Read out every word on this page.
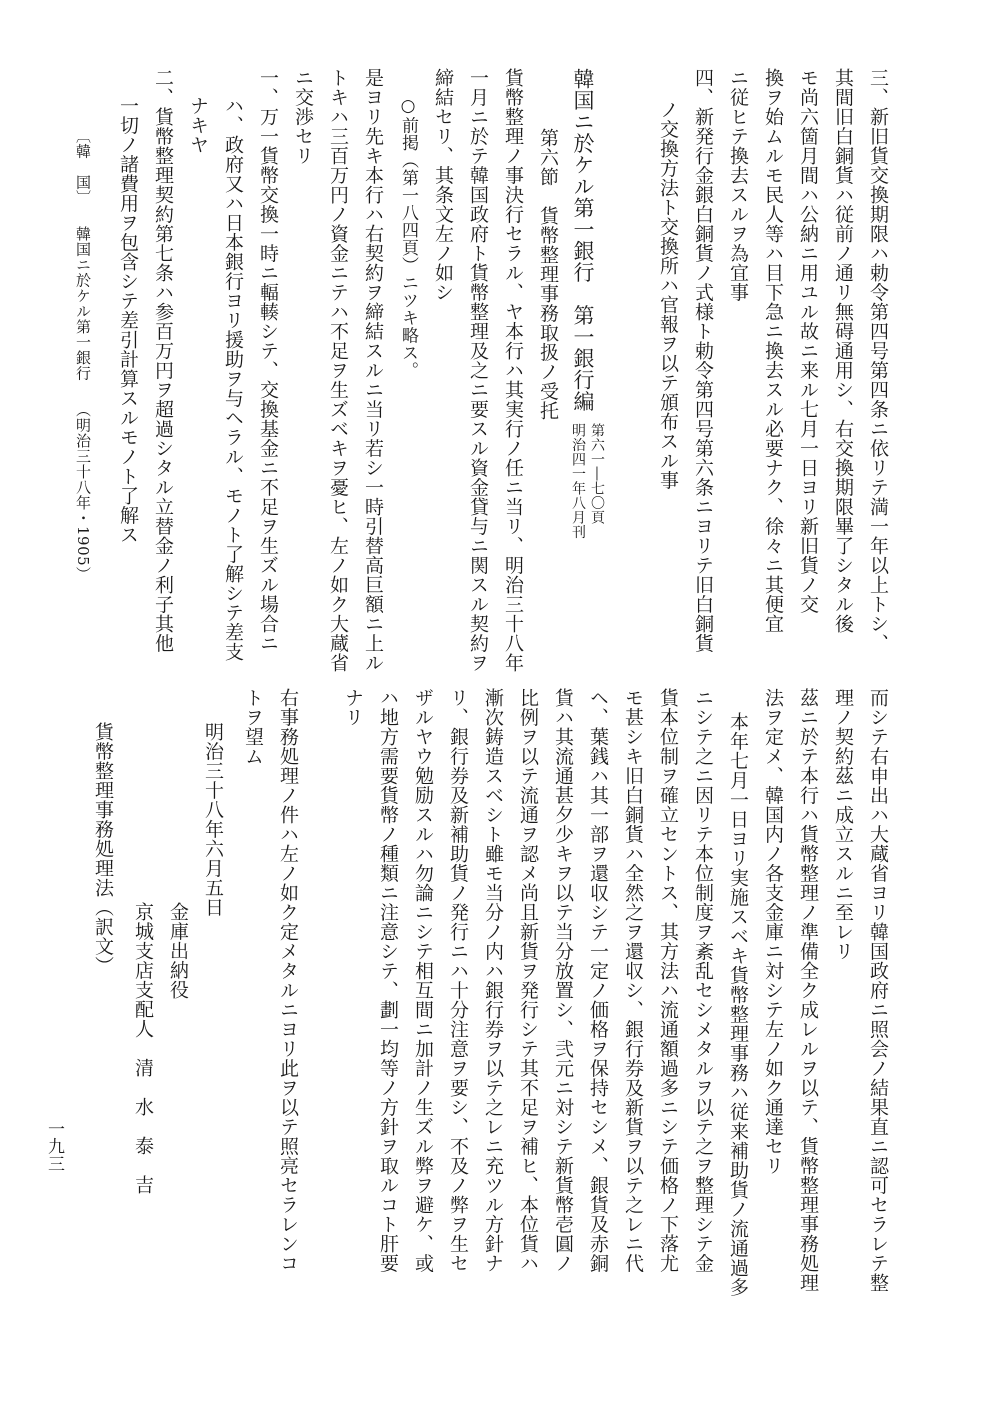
三、新旧貨交換期限ハ勅令第四号第四条ニ依リテ満一年以上トシ、
其間旧白銅貨ハ従前ノ通リ無碍通用シ、右交換期限畢了シタル後
モ尚六箇月間ハ公納ニ用ユル故ニ来ル七月一日ヨリ新旧貨ノ交
換ヲ始ムルモ民人等ハ目下急ニ換去スル必要ナク、徐々ニ其便宜
ニ従ヒテ換去スルヲ為宜事
四、新発行金銀白銅貨ノ式様ト勅令第四号第六条ニヨリテ旧白銅貨
ノ交換方法ト交換所ハ官報ヲ以テ頒布スル事
韓国ニ於ケル第一銀行　第一銀行編
第六一―七〇頁
明治四一年八月刊
第六節　貨幣整理事務取扱ノ受托
貨幣整理ノ事決行セラル、ヤ本行ハ其実行ノ任ニ当リ、明治三十八年
一月ニ於テ韓国政府ト貨幣整理及之ニ要スル資金貸与ニ関スル契約ヲ
締結セリ、其条文左ノ如シ
○前掲（第一八四頁）ニツキ略ス。
是ヨリ先キ本行ハ右契約ヲ締結スルニ当リ若シ一時引替高巨額ニ上ル
トキハ三百万円ノ資金ニテハ不足ヲ生ズベキヲ憂ヒ、左ノ如ク大蔵省
ニ交渉セリ
一、万一貨幣交換一時ニ輻輳シテ、交換基金ニ不足ヲ生ズル場合ニ
ハ、政府又ハ日本銀行ヨリ援助ヲ与ヘラル、モノト了解シテ差支
ナキヤ
二、貨幣整理契約第七条ハ参百万円ヲ超過シタル立替金ノ利子其他
一切ノ諸費用ヲ包含シテ差引計算スルモノト了解ス
〔韓　国〕
韓国ニ於ケル第一銀行
（明治三十八年・1905）
而シテ右申出ハ大蔵省ヨリ韓国政府ニ照会ノ結果直ニ認可セラレテ整
理ノ契約茲ニ成立スルニ至レリ
茲ニ於テ本行ハ貨幣整理ノ準備全ク成レルヲ以テ、貨幣整理事務処理
法ヲ定メ、韓国内ノ各支金庫ニ対シテ左ノ如ク通達セリ
本年七月一日ヨリ実施スベキ貨幣整理事務ハ従来補助貨ノ流通過多
ニシテ之ニ因リテ本位制度ヲ紊乱セシメタルヲ以テ之ヲ整理シテ金
貨本位制ヲ確立セントス、其方法ハ流通額過多ニシテ価格ノ下落尤
モ甚シキ旧白銅貨ハ全然之ヲ還収シ、銀行券及新貨ヲ以テ之レニ代
ヘ、葉銭ハ其一部ヲ還収シテ一定ノ価格ヲ保持セシメ、銀貨及赤銅
貨ハ其流通甚夕少キヲ以テ当分放置シ、弐元ニ対シテ新貨幣壱圓ノ
比例ヲ以テ流通ヲ認メ尚且新貨ヲ発行シテ其不足ヲ補ヒ、本位貨ハ
漸次鋳造スベシト雖モ当分ノ内ハ銀行券ヲ以テ之レニ充ツル方針ナ
リ、銀行券及新補助貨ノ発行ニハ十分注意ヲ要シ、不及ノ弊ヲ生セ
ザルヤウ勉励スルハ勿論ニシテ相互間ニ加計ノ生ズル弊ヲ避ケ、或
ハ地方需要貨幣ノ種類ニ注意シテ、劃一均等ノ方針ヲ取ルコト肝要
ナリ
右事務処理ノ件ハ左ノ如ク定メタルニヨリ此ヲ以テ照亮セラレンコ
トヲ望ム
明治三十八年六月五日
金庫出納役
京城支店支配人　清　水　泰　吉
貨幣整理事務処理法（訳文）
一九三
